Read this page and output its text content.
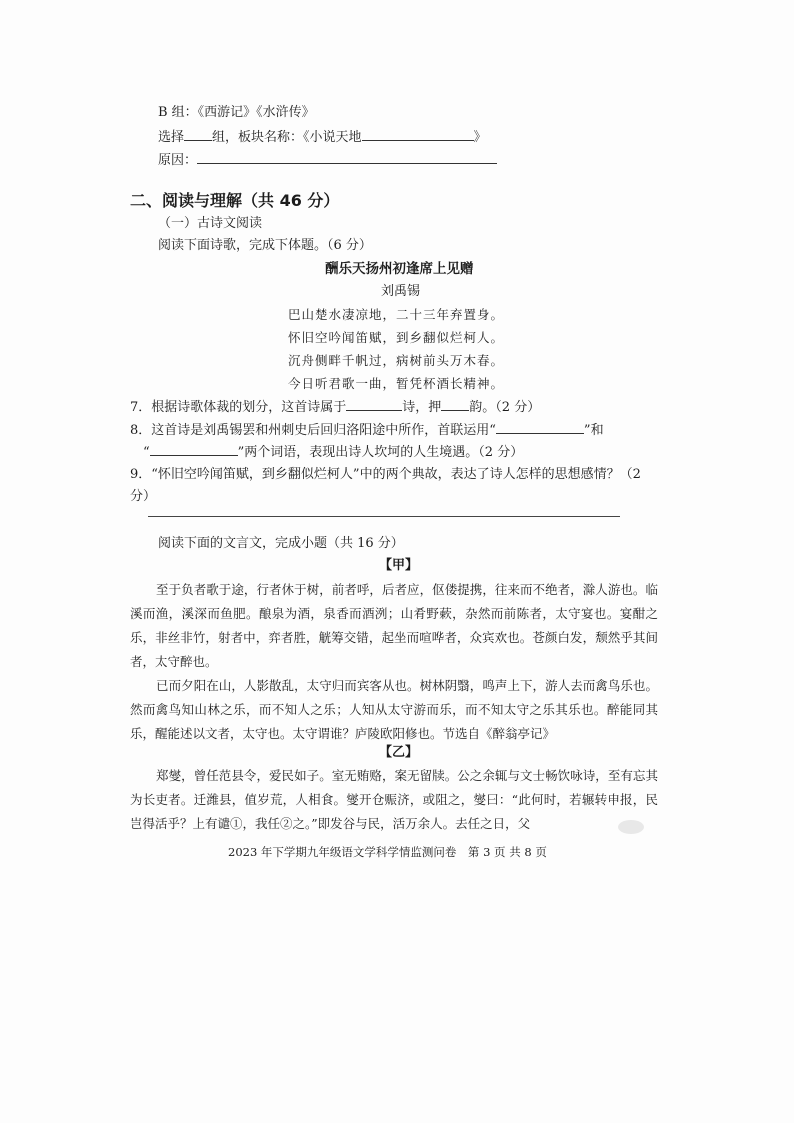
B 组：《西游记》《水浒传》
选择 组，板块名称：《小说天地	》
原因：
二、阅读与理解（共 46 分）
（一）古诗文阅读
阅读下面诗歌，完成下体题。（6 分）
酬乐天扬州初逢席上见赠
刘禹锡
巴山楚水凄凉地，二十三年弃置身。
怀旧空吟闻笛赋，到乡翻似烂柯人。
沉舟侧畔千帆过，病树前头万木春。
今日听君歌一曲，暂凭杯酒长精神。
7．根据诗歌体裁的划分，这首诗属于	诗，押 韵。（2 分）
8．这首诗是刘禹锡罢和州刺史后回归洛阳途中所作，首联运用“	”和
“	”两个词语，表现出诗人坎坷的人生境遇。（2 分）
9．“怀旧空吟闻笛赋，到乡翻似烂柯人”中的两个典故，表达了诗人怎样的思想感情？（2
分）
阅读下面的文言文，完成小题（共 16 分）
【甲】
至于负者歌于途，行者休于树，前者呼，后者应，伛偻提携，往来而不绝者，滁人游也。临溪而渔，溪深而鱼肥。酿泉为酒，泉香而酒洌；山肴野蔌，杂然而前陈者，太守宴也。宴酣之乐，非丝非竹，射者中，弈者胜，觥筹交错，起坐而喧哗者，众宾欢也。苍颜白发，颓然乎其间者，太守醉也。
已而夕阳在山，人影散乱，太守归而宾客从也。树林阴翳，鸣声上下，游人去而禽鸟乐也。然而禽鸟知山林之乐，而不知人之乐；人知从太守游而乐，而不知太守之乐其乐也。醉能同其乐，醒能述以文者，太守也。太守谓谁？庐陵欧阳修也。节选自《醉翁亭记》
【乙】
郑燮，曾任范县令，爱民如子。室无贿赂，案无留牍。公之余辄与文士畅饮咏诗，至有忘其为长吏者。迁潍县，值岁荒，人相食。燮开仓赈济，或阻之，燮曰：“此何时，若辗转申报，民岂得活乎？上有谴①，我任②之。”即发谷与民，活万余人。去任之日，父
2023 年下学期九年级语文学科学情监测问卷　第 3 页 共 8 页
